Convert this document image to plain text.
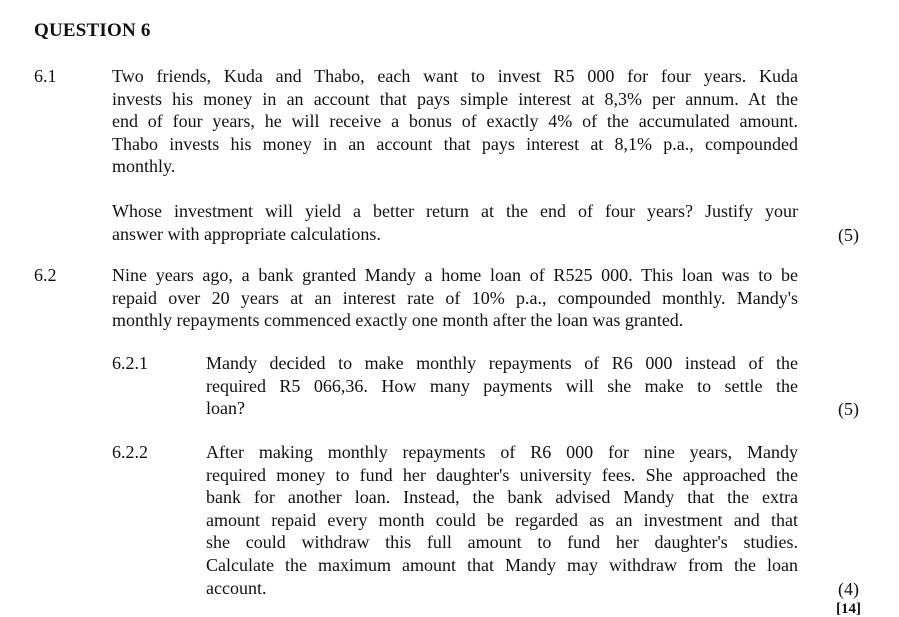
QUESTION 6
6.1	Two friends, Kuda and Thabo, each want to invest R5 000 for four years. Kuda
invests his money in an account that pays simple interest at 8,3% per annum. At the
end of four years, he will receive a bonus of exactly 4% of the accumulated amount.
Thabo invests his money in an account that pays interest at 8,1% p.a., compounded
monthly.
Whose investment will yield a better return at the end of four years? Justify your
answer with appropriate calculations.	(5)
6.2	Nine years ago, a bank granted Mandy a home loan of R525 000. This loan was to be
repaid over 20 years at an interest rate of 10% p.a., compounded monthly. Mandy's
monthly repayments commenced exactly one month after the loan was granted.
6.2.1	Mandy decided to make monthly repayments of R6 000 instead of the
required R5 066,36. How many payments will she make to settle the
loan?	(5)
6.2.2	After making monthly repayments of R6 000 for nine years, Mandy
required money to fund her daughter's university fees. She approached the
bank for another loan. Instead, the bank advised Mandy that the extra
amount repaid every month could be regarded as an investment and that
she could withdraw this full amount to fund her daughter's studies.
Calculate the maximum amount that Mandy may withdraw from the loan
account.	(4)
[14]
